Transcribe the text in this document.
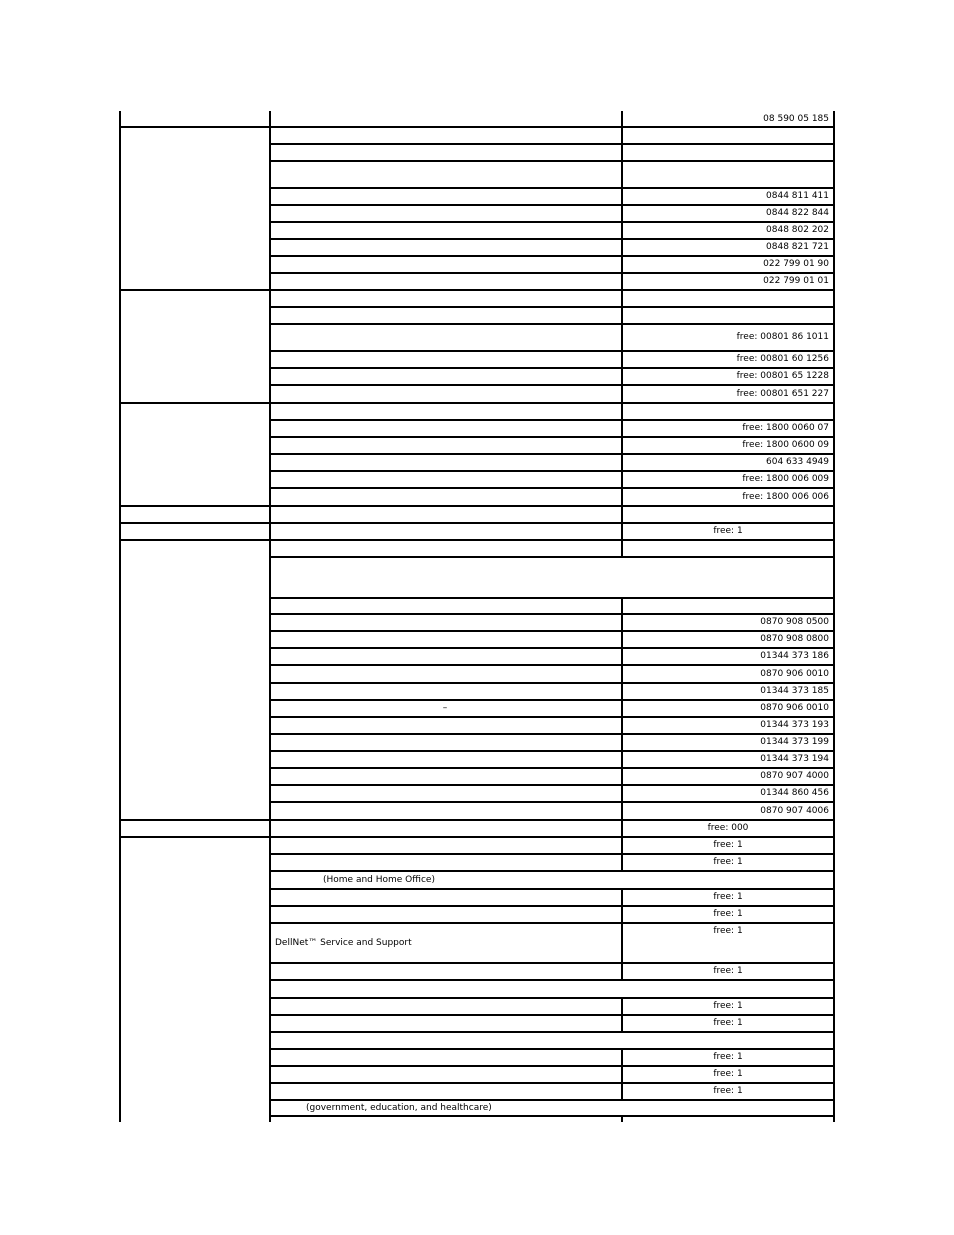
08 590 05 185
0844 811 411
0844 822 844
0848 802 202
0848 821 721
022 799 01 90
022 799 01 01
free: 00801 86 1011
free: 00801 60 1256
free: 00801 65 1228
free: 00801 651 227
free: 1800 0060 07
free: 1800 0600 09
604 633 4949
free: 1800 006 009
free: 1800 006 006
free: 1
0870 908 0500
0870 908 0800
01344 373 186
0870 906 0010
01344 373 185
0870 906 0010
–
01344 373 193
01344 373 199
01344 373 194
0870 907 4000
01344 860 456
0870 907 4006
free: 000
free: 1
free: 1
(Home and Home Office)
free: 1
free: 1
free: 1
DellNet™ Service and Support
free: 1
free: 1
free: 1
free: 1
free: 1
free: 1
(government, education, and healthcare)
